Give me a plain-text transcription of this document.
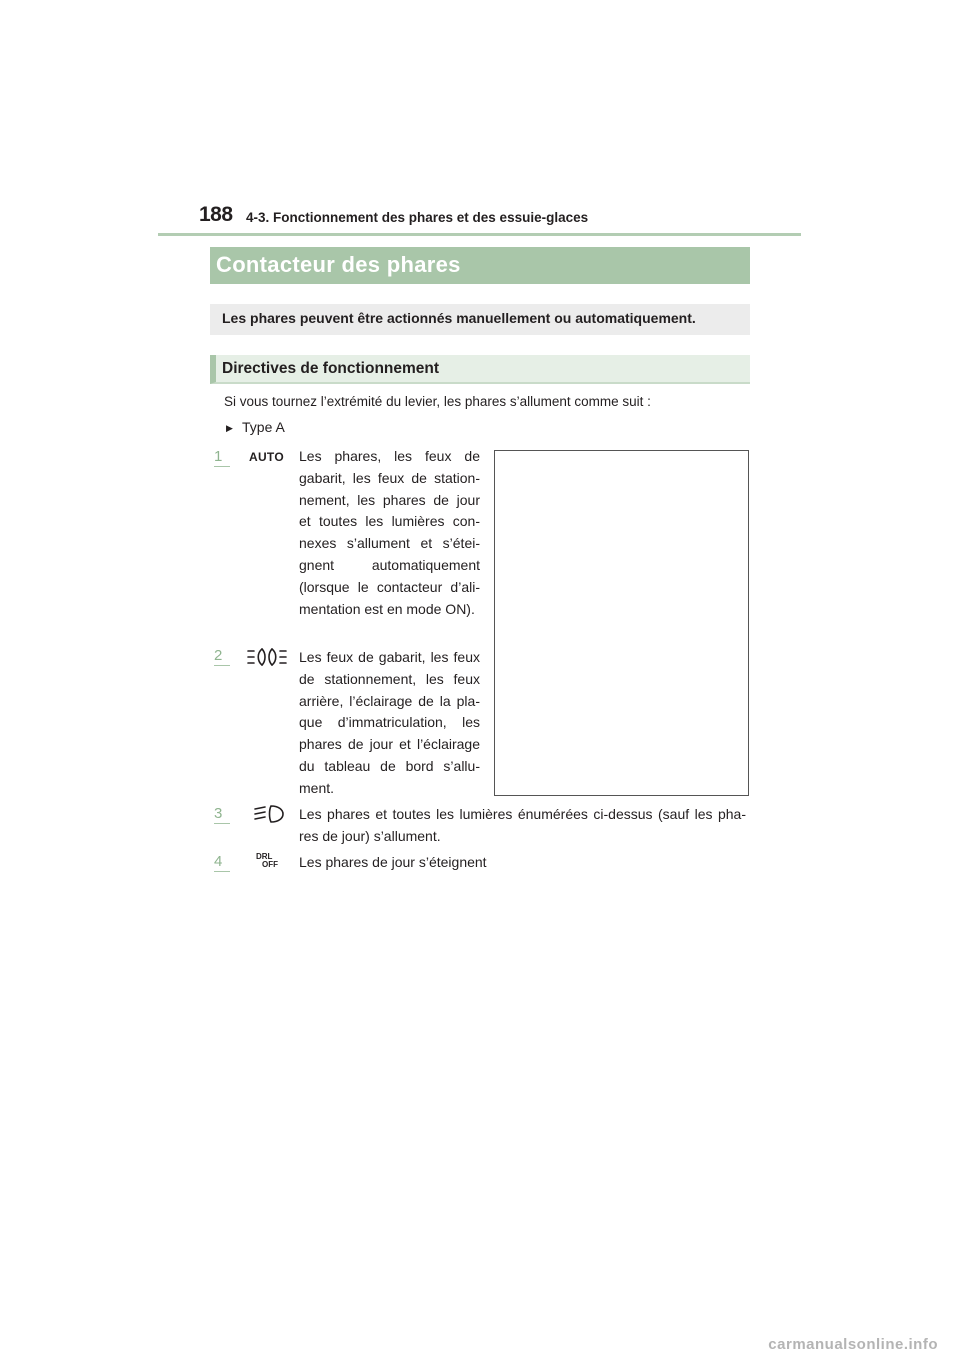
188 4-3. Fonctionnement des phares et des essuie-glaces
Contacteur des phares
Les phares peuvent être actionnés manuellement ou automatiquement.
Directives de fonctionnement
Si vous tournez l’extrémité du levier, les phares s’allument comme suit :
▶ Type A
1 AUTO Les phares, les feux de gabarit, les feux de station-nement, les phares de jour et toutes les lumières con-nexes s’allument et s’étei-gnent automatiquement (lorsque le contacteur d’ali-mentation est en mode ON).
2	Les feux de gabarit, les feux de stationnement, les feux arrière, l’éclairage de la pla-que d’immatriculation, les phares de jour et l’éclairage du tableau de bord s’allu-ment.
3	Les phares et toutes les lumières énumérées ci-dessus (sauf les pha-res de jour) s’allument.
4	DRL
OFF Les phares de jour s’éteignent
carmanualsonline.info
